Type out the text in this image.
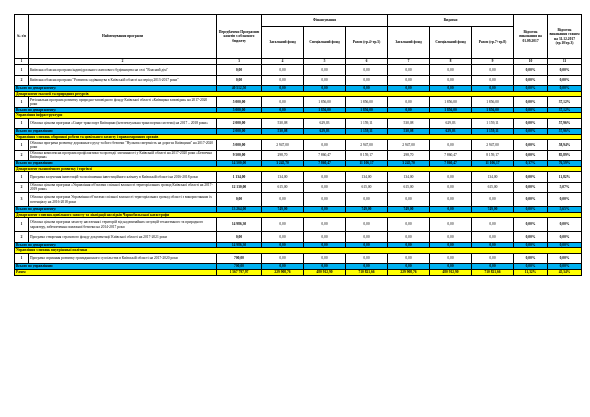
№ з/п	Найменування програми	Передбачено Програмою коштів з обласного бюджету	Фінансування			Видатки			Відсоток виконання на 01.09.2017	Відсоток виконання станом на 31.12.2017 (гр.10/гр.3)
			Загальний фонд	Спеціальний фонд	Разом (гр.4+гр.5)	Загальний фонд	Спеціальний фонд	Разом (гр.7+гр.8)		
1	2	3	4	5	6	7	8	9	10	11
1	Київська обласна програма індивідуального житлового будівництва на селі "Власний дім"	0,00	0,00	0,00	0,00	0,00	0,00	0,00	0,00%	0,00%
2	Київська обласна програма "Розвиток садівництва в Київській області на період 2013-2017 роки"	0,00	0,00	0,00	0,00	0,00	0,00	0,00	0,00%	0,00%
Всього по департаменту:		40 512,50	0,00	0,00	0,00	0,00	0,00	0,00	0,00%	0,00%
Департамент екології та природних ресурсів										
1	Регіональна програма розвитку природно-заповідного фонду Київської області «Київщина заповідна» на 2017-2020 роки	5 000,00	0,00	1 856,00	1 856,00	0,00	1 856,00	1 856,00	0,00%	37,12%
Всього по департаменту:		5 000,00	0,00	1 856,00	1 856,00	0,00	1 856,00	1 856,00	0,00%	37,12%
Управління інфраструктури										
1	Обласна цільова програма «Смарт транспорт Київщини (інтелектуальна транспортна система) на 2017 – 2018 роки»	2 000,00	530,08	629,03	1 159,11	530,08	629,03	1 159,11	0,00%	57,96%
Всього по управлінню:		2 000,00	530,08	629,03	1 159,11	530,08	629,03	1 159,11	0,00%	57,96%
Управління з питань оборонної роботи та цивільного захисту і правоохоронних органів										
1	Обласна програма розвитку дорожнього руху та його безпеки "Нульова смертність на дорогах Київщини" на 2017-2020 роки	5 000,00	2 947,00	0,00	2 947,00	2 947,00	0,00	2 947,00	0,00%	58,94%
2	Обласна комплексна програма профілактики та протидії злочинності у Київській області на 2017-2020 роки «Безпечна Київщина»	9 500,00	298,70	7 860,47	8 159,17	298,70	7 860,47	8 159,17	0,00%	85,89%
Всього по управлінню:		14 500,00	3 245,70	7 860,47	11 106,17	3 245,70	7 860,47	11 106,17	0,37%	76,59%
Департамент економічного розвитку і торгівлі										
1	Програма залучення інвестицій та поліпшення інвестиційного клімату в Київській області на 2016-2018 роки	1 134,00	134,00	0,00	134,00	134,00	0,00	134,00	0,00%	11,82%
2	Обласна цільова програма «Управління об'єктами спільної власності територіальних громад Київської області на 2017-2019 роки»	12 130,00	615,00	0,00	615,00	615,00	0,00	615,00	0,00%	5,07%
3	Обласна цільова програма Управління об'єктами спільної власності територіальних громад області з використанням їх потенціалу на 2016-2018 роки	0,00	0,00	0,00	0,00	0,00	0,00	0,00	0,00%	0,00%
Всього по департаменту:		13 264,00	749,00	0,00	749,00	749,00	0,00	749,00	0,00%	5,65%
Департамент з питань цивільного захисту та ліквідації наслідків Чорнобильської катастрофи										
1	Обласна цільова програма захисту населення і територій від надзвичайних ситуацій техногенного та природного характеру, забезпечення пожежної безпеки на 2014-2017 роки	14 986,30	0,00	0,00	0,00	0,00	0,00	0,00	0,00%	0,00%
2	Програма створення страхового фонду документації Київської області на 2017-2021 роки	0,00	0,00	0,00	0,00	0,00	0,00	0,00	0,00%	0,00%
Всього по департаменту:		14 986,30	0,00	0,00	0,00	0,00	0,00	0,00	0,00%	0,00%
Управління з питань внутрішньої політики										
1	Програма сприяння розвитку громадянського суспільства в Київській області на 2017-2020 роки	700,00	0,00	0,00	0,00	0,00	0,00	0,00	0,00%	0,00%
Всього по управлінню:		700,00	0,00	0,00	0,00	0,00	0,00	0,00	0,00%	0,00%
Разом		1 567 797,97	229 908,76	480 912,90	710 821,66	229 908,76	480 912,90	710 821,66	11,32%	45,34%
